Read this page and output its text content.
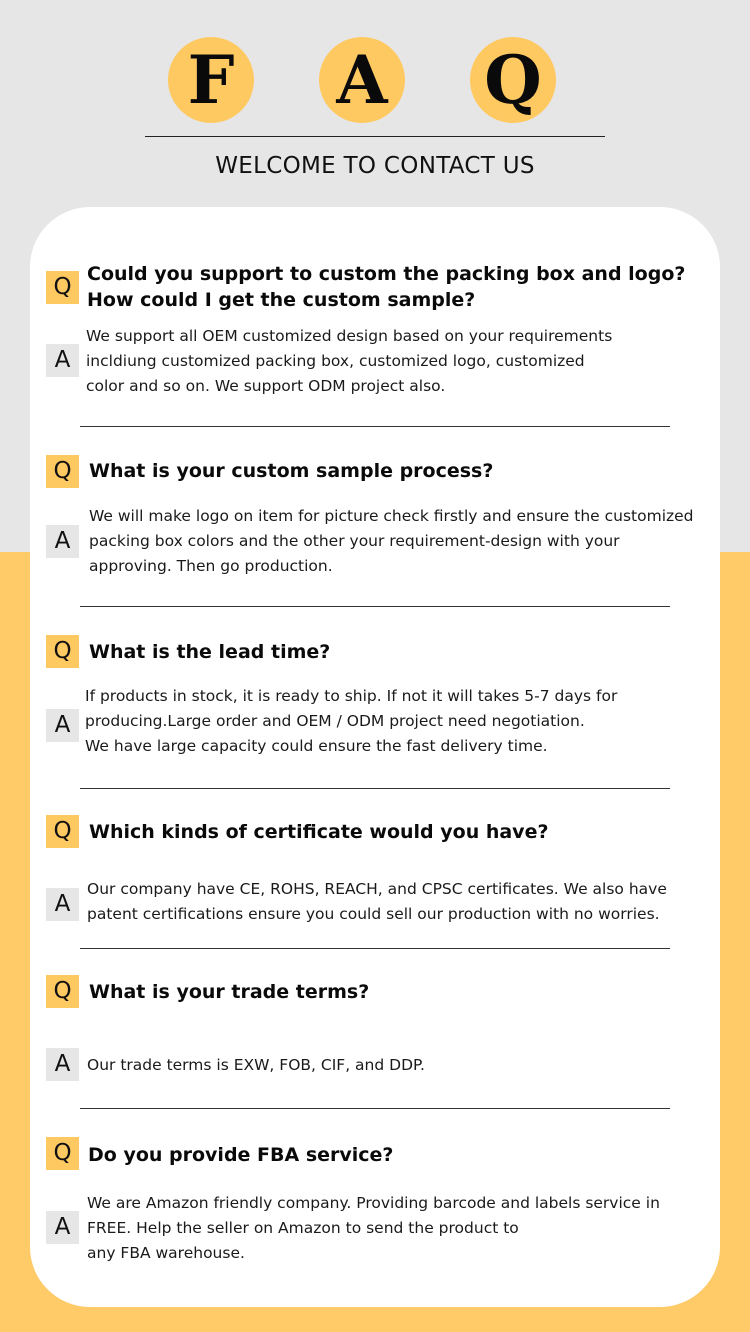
F A Q
WELCOME TO CONTACT US
Q Could you support to custom the packing box and logo?
How could I get the custom sample?
A
We support all OEM customized design based on your requirements
incldiung customized packing box, customized logo, customized
color and so on. We support ODM project also.
Q What is your custom sample process?
A
We will make logo on item for picture check firstly and ensure the customized
packing box colors and the other your requirement-design with your
approving. Then go production.
Q What is the lead time?
A
If products in stock, it is ready to ship. If not it will takes 5-7 days for
producing.Large order and OEM / ODM project need negotiation.
We have large capacity could ensure the fast delivery time.
Q Which kinds of certificate would you have?
A
Our company have CE, ROHS, REACH, and CPSC certificates. We also have
patent certifications ensure you could sell our production with no worries.
Q What is your trade terms?
A	Our trade terms is EXW, FOB, CIF, and DDP.
Q Do you provide FBA service?
A
We are Amazon friendly company. Providing barcode and labels service in
FREE. Help the seller on Amazon to send the product to
any FBA warehouse.
